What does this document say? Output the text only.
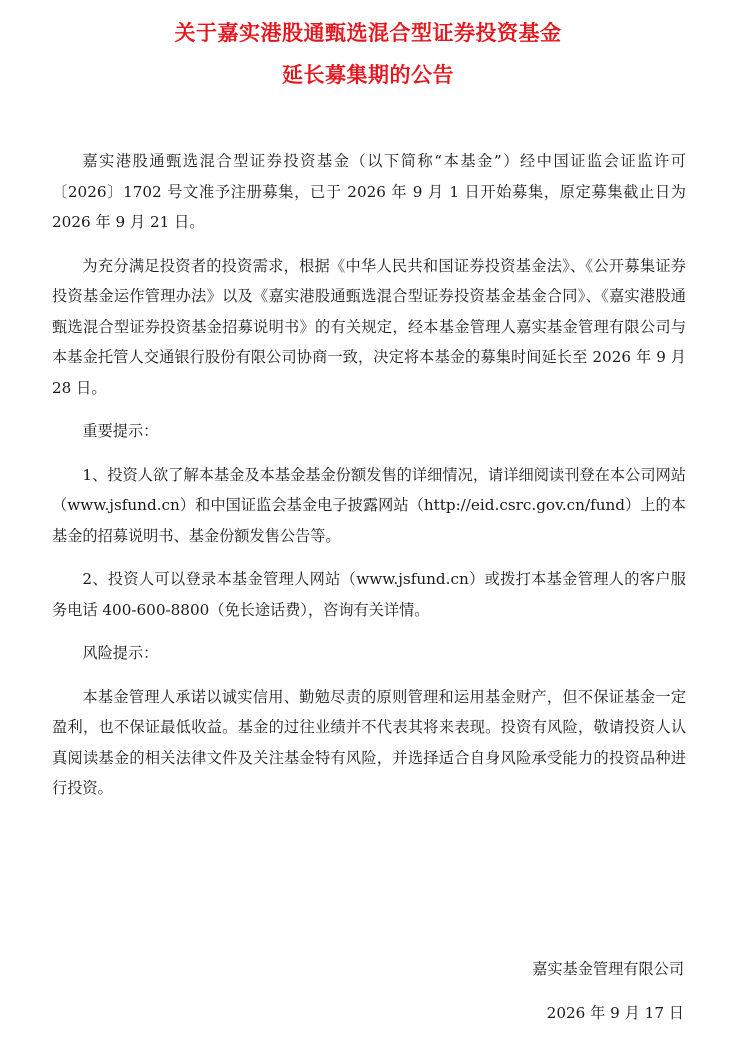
关于嘉实港股通甄选混合型证券投资基金
延长募集期的公告

嘉实港股通甄选混合型证券投资基金（以下简称“本基金”）经中国证监会证监许可〔2026〕1702 号文准予注册募集，已于 2026 年 9 月 1 日开始募集，原定募集截止日为 2026 年 9 月 21 日。

为充分满足投资者的投资需求，根据《中华人民共和国证券投资基金法》、《公开募集证券投资基金运作管理办法》以及《嘉实港股通甄选混合型证券投资基金基金合同》、《嘉实港股通甄选混合型证券投资基金招募说明书》的有关规定，经本基金管理人嘉实基金管理有限公司与本基金托管人交通银行股份有限公司协商一致，决定将本基金的募集时间延长至 2026 年 9 月 28 日。

重要提示：

1、投资人欲了解本基金及本基金基金份额发售的详细情况，请详细阅读刊登在本公司网站（www.jsfund.cn）和中国证监会基金电子披露网站（http://eid.csrc.gov.cn/fund）上的本基金的招募说明书、基金份额发售公告等。

2、投资人可以登录本基金管理人网站（www.jsfund.cn）或拨打本基金管理人的客户服务电话 400-600-8800（免长途话费），咨询有关详情。

风险提示：

本基金管理人承诺以诚实信用、勤勉尽责的原则管理和运用基金财产，但不保证基金一定盈利，也不保证最低收益。基金的过往业绩并不代表其将来表现。投资有风险，敬请投资人认真阅读基金的相关法律文件及关注基金特有风险，并选择适合自身风险承受能力的投资品种进行投资。

嘉实基金管理有限公司
2026 年 9 月 17 日
